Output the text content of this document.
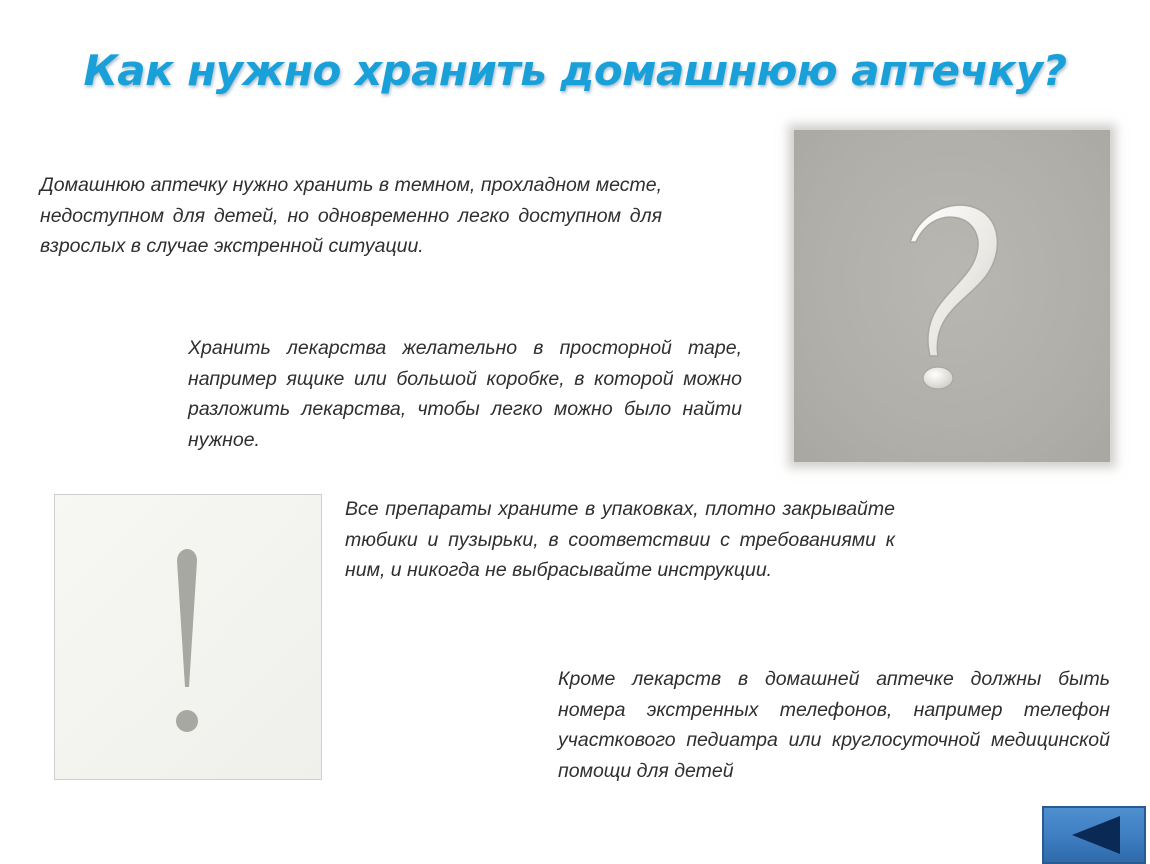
Как нужно хранить домашнюю аптечку?
Домашнюю аптечку нужно хранить в темном, прохладном месте, недоступном для детей, но одновременно легко доступном для взрослых в случае экстренной ситуации.
Хранить лекарства желательно в просторной таре, например ящике или большой коробке, в которой можно разложить лекарства, чтобы легко можно было найти нужное.
Все препараты храните в упаковках, плотно закрывайте тюбики и пузырьки, в соответствии с требованиями к ним, и никогда не выбрасывайте инструкции.
Кроме лекарств в домашней аптечке должны быть номера экстренных телефонов, например телефон участкового педиатра или круглосуточной медицинской помощи для детей
